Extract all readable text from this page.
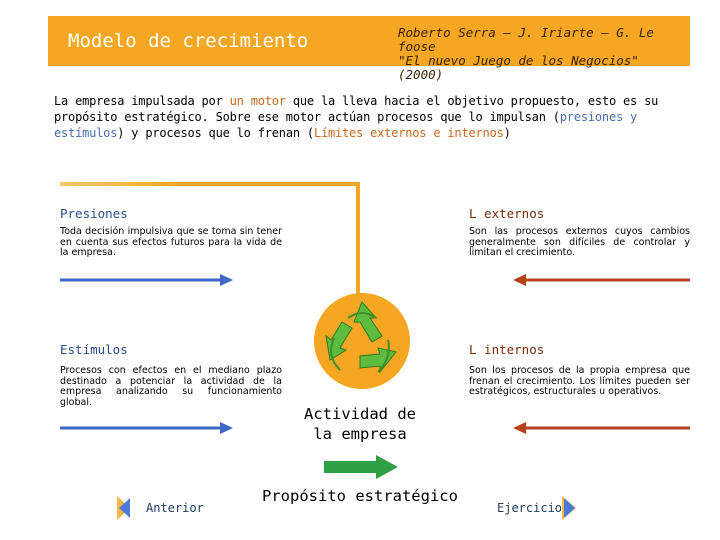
Modelo de crecimiento	Roberto Serra – J. Iriarte – G. Le foose
"El nuevo Juego de los Negocios" (2000)
La empresa impulsada por un motor que la lleva hacia el objetivo propuesto, esto es su propósito estratégico. Sobre ese motor actúan procesos que lo impulsan (presiones y estímulos) y procesos que lo frenan (Límites externos e internos)
Presiones
Toda decisión impulsiva que se toma sin tener en cuenta sus efectos futuros para la vida de la empresa.
Estímulos
Procesos con efectos en el mediano plazo destinado a potenciar la actividad de la empresa analizando su funcionamiento global.
L externos
Son las procesos externos cuyos cambios generalmente son difíciles de controlar y limitan el crecimiento.
L internos
Son los procesos de la propia empresa que frenan el crecimiento. Los límites pueden ser estratégicos, estructurales u operativos.
Actividad de
la empresa
Propósito estratégico
Anterior	Ejercicio
